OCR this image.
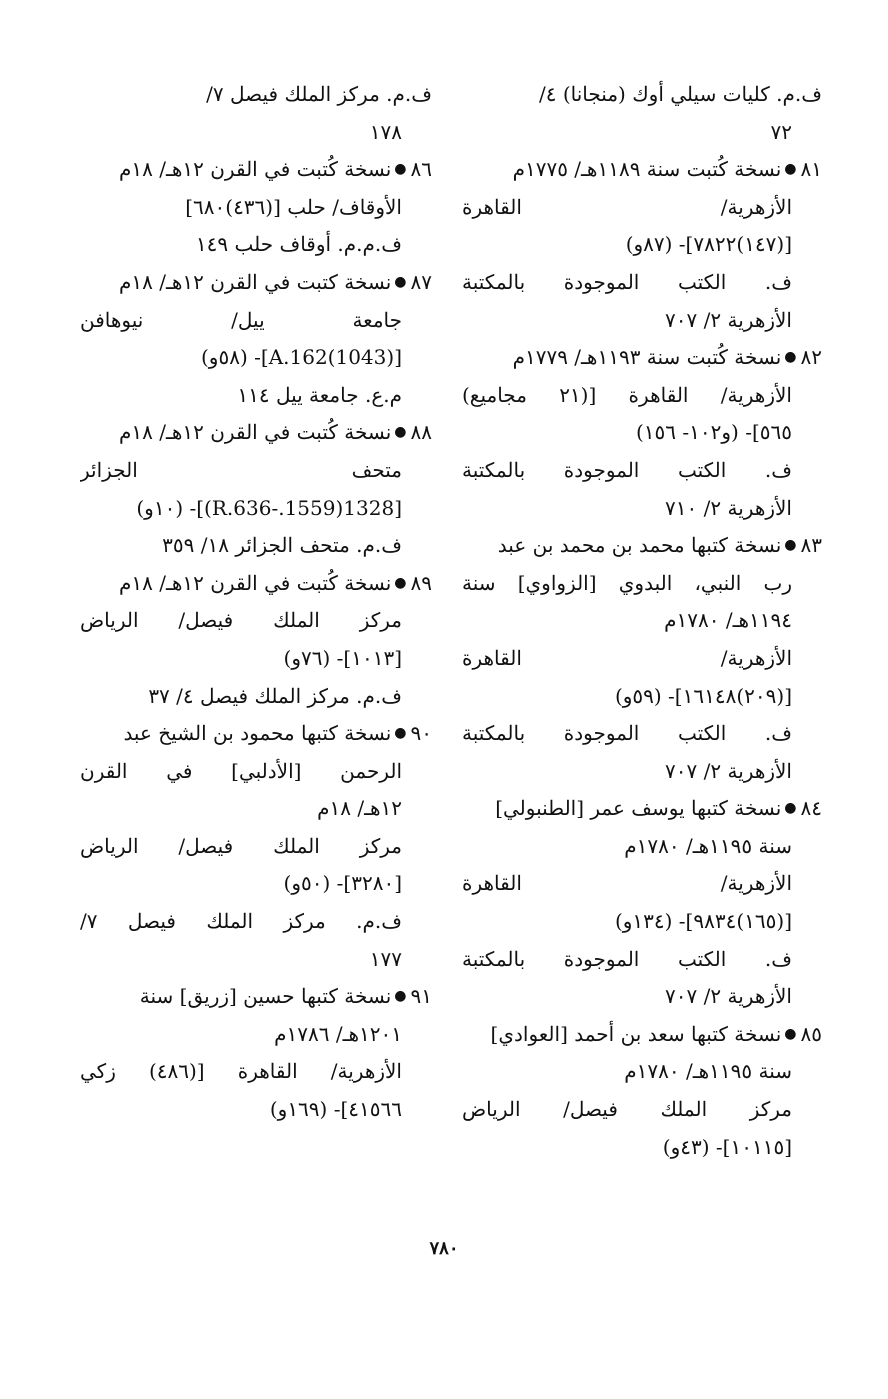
ف.م. كليات سيلي أوك (منجانا) ٤/
٧٢
٨١
●
نسخة كُتبت سنة ١١٨٩هـ/ ١٧٧٥م
الأزهرية/ القاهرة
[(١٤٧)٧٨٢٢]- (٨٧و)
ف. الكتب الموجودة بالمكتبة
الأزهرية ٢/ ٧٠٧
٨٢
●
نسخة كُتبت سنة ١١٩٣هـ/ ١٧٧٩م
الأزهرية/ القاهرة [(٢١ مجاميع)
٥٦٥]- (و١٠٢- ١٥٦)
ف. الكتب الموجودة بالمكتبة
الأزهرية ٢/ ٧١٠
٨٣
●
نسخة كتبها محمد بن محمد بن عبد
رب النبي، البدوي [الزواوي] سنة
١١٩٤هـ/ ١٧٨٠م
الأزهرية/ القاهرة
[(٢٠٩)١٦١٤٨]- (٥٩و)
ف. الكتب الموجودة بالمكتبة
الأزهرية ٢/ ٧٠٧
٨٤
●
نسخة كتبها يوسف عمر [الطنبولي]
سنة ١١٩٥هـ/ ١٧٨٠م
الأزهرية/ القاهرة
[(١٦٥)٩٨٣٤]- (١٣٤و)
ف. الكتب الموجودة بالمكتبة
الأزهرية ٢/ ٧٠٧
٨٥
●
نسخة كتبها سعد بن أحمد [العوادي]
سنة ١١٩٥هـ/ ١٧٨٠م
مركز الملك فيصل/ الرياض
[١٠١١٥]- (٤٣و)
ف.م. مركز الملك فيصل ٧/
١٧٨
٨٦
●
نسخة كُتبت في القرن ١٢هـ/ ١٨م
الأوقاف/ حلب [(٤٣٦)٦٨٠]
ف.م.م. أوقاف حلب ١٤٩
٨٧
●
نسخة كتبت في القرن ١٢هـ/ ١٨م
جامعة ييل/ نيوهافن
[(1043)A.162]- (٥٨و)
م.ع. جامعة ييل ١١٤
٨٨
●
نسخة كُتبت في القرن ١٢هـ/ ١٨م
متحف الجزائر
[1328(1559.-R.636)]- (١٠و)
ف.م. متحف الجزائر ١٨/ ٣٥٩
٨٩
●
نسخة كُتبت في القرن ١٢هـ/ ١٨م
مركز الملك فيصل/ الرياض
[١٠١٣]- (٧٦و)
ف.م. مركز الملك فيصل ٤/ ٣٧
٩٠
●
نسخة كتبها محمود بن الشيخ عبد
الرحمن [الأدلبي] في القرن
١٢هـ/ ١٨م
مركز الملك فيصل/ الرياض
[٣٢٨٠]- (٥٠و)
ف.م. مركز الملك فيصل ٧/
١٧٧
٩١
●
نسخة كتبها حسين [زريق] سنة
١٢٠١هـ/ ١٧٨٦م
الأزهرية/ القاهرة [(٤٨٦) زكي
٤١٥٦٦]- (١٦٩و)
٧٨٠
